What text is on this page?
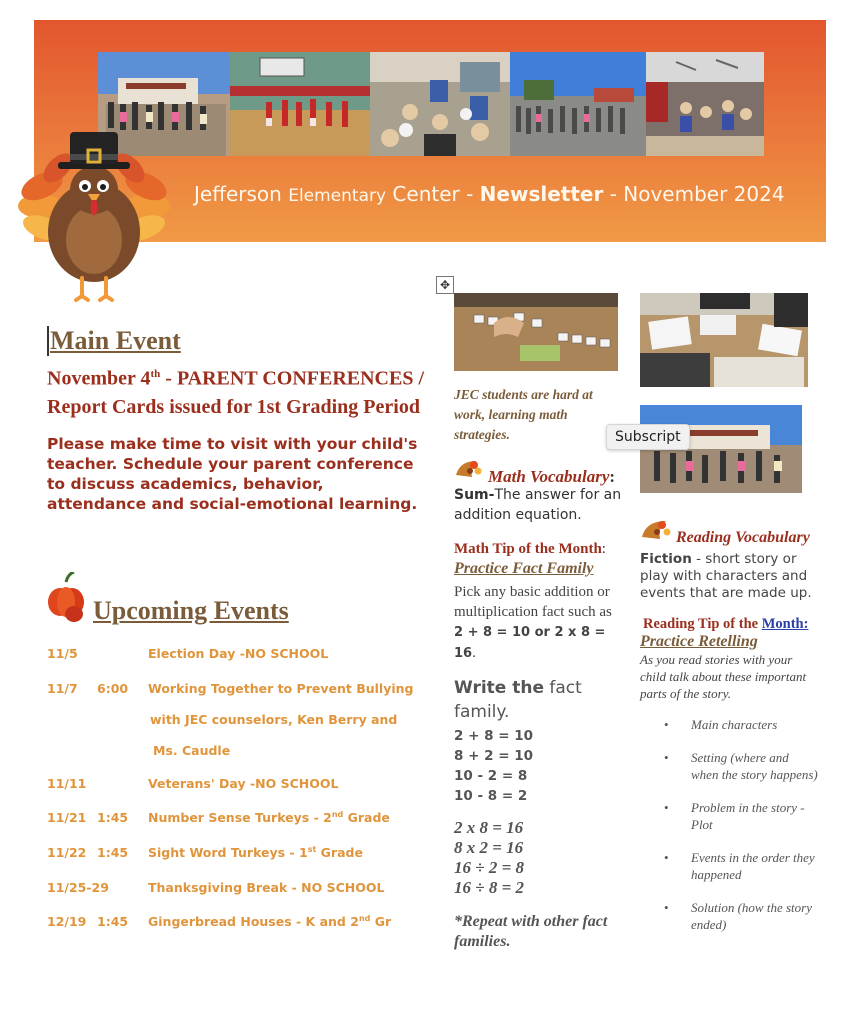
Jefferson Elementary Center - Newsletter - November 2024
Main Event
November 4th - PARENT CONFERENCES / Report Cards issued for 1st Grading Period
Please make time to visit with your child's teacher. Schedule your parent conference to discuss academics, behavior, attendance and social-emotional learning.
Upcoming Events
11/5	Election Day -NO SCHOOL
11/7 6:00 Working Together to Prevent Bullying
with JEC counselors, Ken Berry and
Ms. Caudle
11/11	Veterans' Day -NO SCHOOL
11/21 1:45 Number Sense Turkeys - 2nd Grade
11/22 1:45 Sight Word Turkeys - 1st Grade
11/25-29	Thanksgiving Break - NO SCHOOL
12/19 1:45 Gingerbread Houses - K and 2nd Gr
✥
JEC students are hard at work, learning math strategies.
Math Vocabulary:
Sum-The answer for an addition equation.
Math Tip of the Month:
Practice Fact Family
Pick any basic addition or multiplication fact such as 2 + 8 = 10 or 2 x 8 = 16.
Write the fact family.
2 + 8 = 10
8 + 2 = 10
10 - 2 = 8
10 - 8 = 2
2 x 8 = 16
8 x 2 = 16
16 ÷ 2 = 8
16 ÷ 8 = 2
*Repeat with other fact families.
Reading Vocabulary
Fiction - short story or play with characters and events that are made up.
Reading Tip of the Month:
Practice Retelling
As you read stories with your child talk about these important parts of the story.
• Main characters
• Setting (where and when the story happens)
• Problem in the story - Plot
• Events in the order they happened
• Solution (how the story ended)
Subscript
